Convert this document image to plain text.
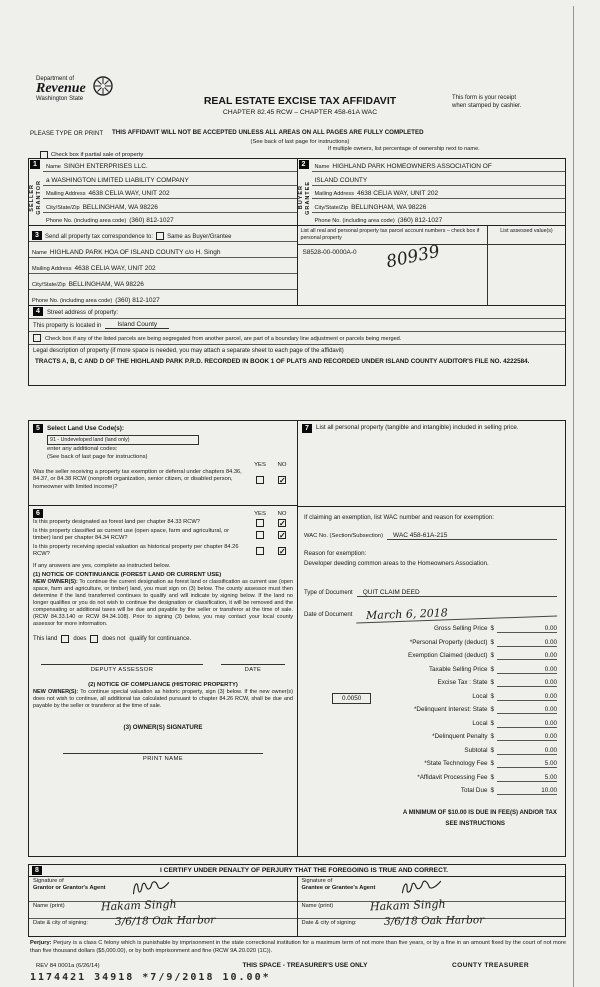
Department of
Revenue
Washington State	REAL ESTATE EXCISE TAX AFFIDAVIT
CHAPTER 82.45 RCW – CHAPTER 458-61A WAC
This form is your receipt
when stamped by cashier.
PLEASE TYPE OR PRINT THIS AFFIDAVIT WILL NOT BE ACCEPTED UNLESS ALL AREAS ON ALL PAGES ARE FULLY COMPLETED
(See back of last page for instructions)
If multiple owners, list percentage of ownership next to name.
Check box if partial sale of property
1
SELLER GRANTOR
Name SINGH ENTERPRISES LLC.
a WASHINGTON LIMITED LIABILITY COMPANY
Mailing Address 4638 CELIA WAY, UNIT 202
City/State/Zip BELLINGHAM, WA 98226
Phone No. (including area code) (360) 812-1027
2
BUYER GRANTEE
Name HIGHLAND PARK HOMEOWNERS ASSOCIATION OF
ISLAND COUNTY
Mailing Address 4638 CELIA WAY, UNIT 202
City/State/Zip BELLINGHAM, WA 98226
Phone No. (including area code) (360) 812-1027
3	Send all property tax correspondence to: Same as Buyer/Grantee
Name HIGHLAND PARK HOA OF ISLAND COUNTY c/o H. Singh
Mailing Address 4638 CELIA WAY, UNIT 202
City/State/Zip BELLINGHAM, WA 98226
Phone No. (including area code) (360) 812-1027
List all real and personal property tax parcel account numbers – check box if personal property
S8528-00-0000A-0	80939
List assessed value(s)
4	Street address of property:
This property is located in	Island County
Check box if any of the listed parcels are being segregated from another parcel, are part of a boundary line adjustment or parcels being merged.
Legal description of property (if more space is needed, you may attach a separate sheet to each page of the affidavit)
TRACTS A, B, C AND D OF THE HIGHLAND PARK P.R.D. RECORDED IN BOOK 1 OF PLATS AND RECORDED UNDER ISLAND COUNTY AUDITOR'S FILE NO. 4222584.
5	Select Land Use Code(s):
91 - Undeveloped land (land only)
enter any additional codes:
(See back of last page for instructions)
YES	NO
Was the seller receiving a property tax exemption or deferral under chapters 84.36, 84.37, or 84.38 RCW (nonprofit organization, senior citizen, or disabled person, homeowner with limited income)?
✓
6	YES	NO
Is this property designated as forest land per chapter 84.33 RCW?	✓
Is this property classified as current use (open space, farm and agricultural, or timber) land per chapter 84.34 RCW?	✓
Is this property receiving special valuation as historical property per chapter 84.26 RCW?	✓
If any answers are yes, complete as instructed below.
(1) NOTICE OF CONTINUANCE (FOREST LAND OR CURRENT USE)
NEW OWNER(S): To continue the current designation as forest land or classification as current use (open space, farm and agriculture, or timber) land, you must sign on (3) below. The county assessor must then determine if the land transferred continues to qualify and will indicate by signing below. If the land no longer qualifies or you do not wish to continue the designation or classification, it will be removed and the compensating or additional taxes will be due and payable by the seller or transferor at the time of sale. (RCW 84.33.140 or RCW 84.34.108). Prior to signing (3) below, you may contact your local county assessor for more information.
This land	does	does not qualify for continuance.
DEPUTY ASSESSOR	DATE
(2) NOTICE OF COMPLIANCE (HISTORIC PROPERTY)
NEW OWNER(S): To continue special valuation as historic property, sign (3) below. If the new owner(s) does not wish to continue, all additional tax calculated pursuant to chapter 84.26 RCW, shall be due and payable by the seller or transferor at the time of sale.
(3) OWNER(S) SIGNATURE
PRINT NAME
7	List all personal property (tangible and intangible) included in selling price.
If claiming an exemption, list WAC number and reason for exemption:
WAC No. (Section/Subsection)	WAC 458-61A-215
Reason for exemption:
Developer deeding common areas to the Homeowners Association.
Type of Document	QUIT CLAIM DEED
Date of Document	March 6, 2018
0.0050
Gross Selling Price $	0.00
*Personal Property (deduct) $	0.00
Exemption Claimed (deduct) $	0.00
Taxable Selling Price $	0.00
Excise Tax : State $	0.00
Local $	0.00
*Delinquent Interest: State $	0.00
Local $	0.00
*Delinquent Penalty $	0.00
Subtotal $	0.00
*State Technology Fee $	5.00
*Affidavit Processing Fee $	5.00
Total Due $	10.00
A MINIMUM OF $10.00 IS DUE IN FEE(S) AND/OR TAX
SEE INSTRUCTIONS
8	I CERTIFY UNDER PENALTY OF PERJURY THAT THE FOREGOING IS TRUE AND CORRECT.
Signature of
Grantor or Grantor's Agent
Name (print)	Hakam Singh
Date & city of signing:	3/6/18 Oak Harbor
Signature of
Grantee or Grantee's Agent
Name (print)	Hakam Singh
Date & city of signing:	3/6/18 Oak Harbor
Perjury: Perjury is a class C felony which is punishable by imprisonment in the state correctional institution for a maximum term of not more than five years, or by a fine in an amount fixed by the court of not more than five thousand dollars ($5,000.00), or by both imprisonment and fine (RCW 9A.20.020 (1C)).
REV 84 0001a (6/26/14)	THIS SPACE - TREASURER'S USE ONLY	COUNTY TREASURER
1174421 34918 *7/9/2018 10.00*
